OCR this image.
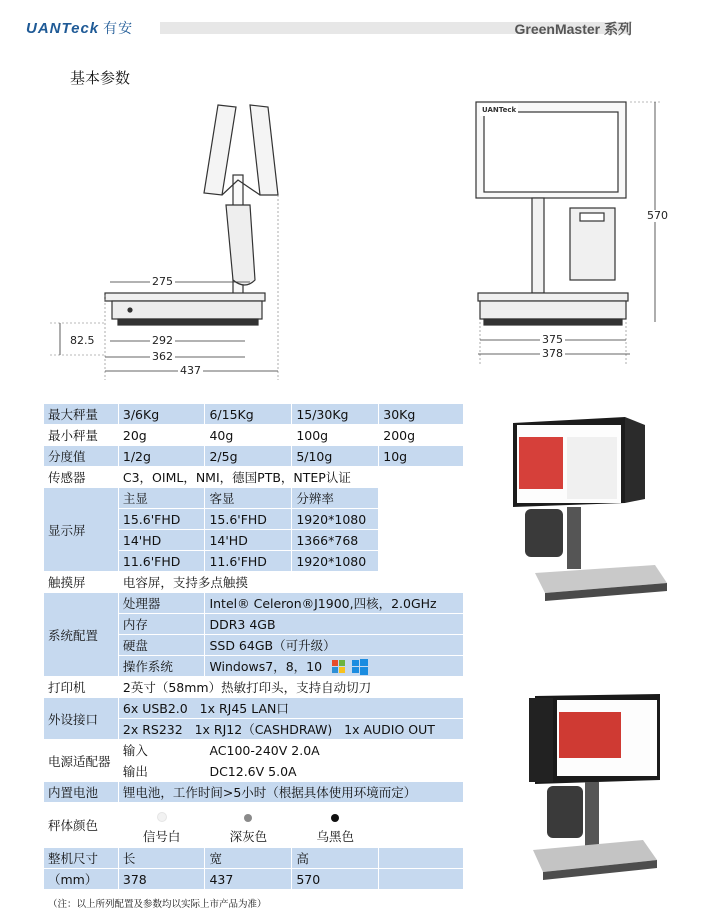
UANTeck 有安	GreenMaster 系列
基本参数
275
82.5	292
362
437
UANTeck
570
375
378
最大秤量	3/6Kg	6/15Kg	15/30Kg	30Kg
最小秤量	20g	40g	100g	200g
分度值	1/2g	2/5g	5/10g	10g
传感器	C3，OIML，NMI，德国PTB，NTEP认证			
显示屏	主显	客显	分辨率	
	15.6'FHD	15.6'FHD	1920*1080	
	14'HD	14'HD	1366*768	
	11.6'FHD	11.6'FHD	1920*1080	
触摸屏	电容屏，支持多点触摸			
系统配置	处理器	Intel® Celeron®J1900,四核，2.0GHz		
	内存	DDR3 4GB		
	硬盘	SSD 64GB（可升级）		
	操作系统	Windows7，8，10		
打印机	2英寸（58mm）热敏打印头，支持自动切刀			
外设接口	6x USB2.0   1x RJ45 LAN口			
	2x RS232   1x RJ12（CASHDRAW)   1x AUDIO OUT			
电源适配器	输入	AC100-240V 2.0A		
	输出	DC12.6V 5.0A		
内置电池	锂电池，工作时间>5小时（根据具体使用环境而定）			
秤体颜色	信号白	深灰色	乌黑色	

整机尺寸	长	宽	高	
（mm）	378	437	570	
（注：以上所列配置及参数均以实际上市产品为准）
